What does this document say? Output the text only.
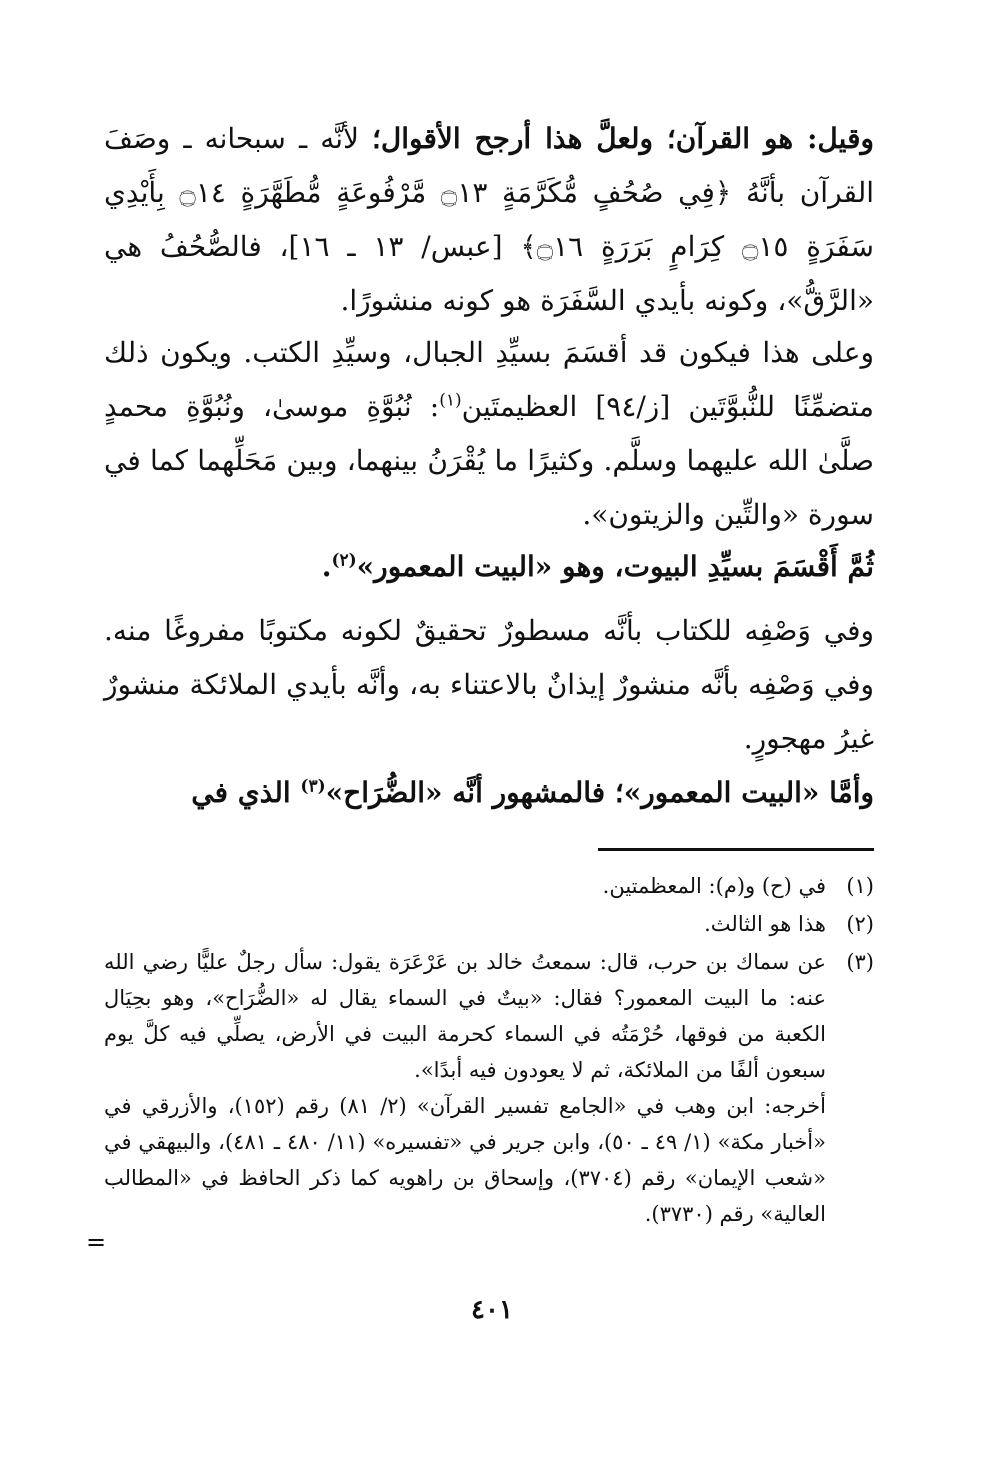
وقيل: هو القرآن؛ ولعلَّ هذا أرجح الأقوال؛ لأنَّه ـ سبحانه ـ وصَفَ القرآن بأنَّهُ ﴿فِي صُحُفٍ مُّكَرَّمَةٍ ۝١٣ مَّرْفُوعَةٍ مُّطَهَّرَةٍ ۝١٤ بِأَيْدِي سَفَرَةٍ ۝١٥ كِرَامٍ بَرَرَةٍ ۝١٦﴾ [عبس/ ١٣ ـ ١٦]، فالصُّحُفُ هي «الرَّقُّ»، وكونه بأيدي السَّفَرَة هو كونه منشورًا.

وعلى هذا فيكون قد أقسَمَ بسيِّدِ الجبال، وسيِّدِ الكتب. ويكون ذلك متضمِّنًا للنُّبوَّتَين [ز/٩٤] العظيمتَين$^{(١)}$: نُبُوَّةِ موسىٰ، ونُبُوَّةِ محمدٍ صلَّىٰ الله عليهما وسلَّم. وكثيرًا ما يُقْرَنُ بينهما، وبين مَحَلِّهما كما في سورة «والتِّين والزيتون».

ثُمَّ أَقْسَمَ بسيِّدِ البيوت، وهو «البيت المعمور»$^{(٢)}$.

وفي وَصْفِه للكتاب بأنَّه مسطورٌ تحقيقٌ لكونه مكتوبًا مفروغًا منه. وفي وَصْفِه بأنَّه منشورٌ إيذانٌ بالاعتناء به، وأنَّه بأيدي الملائكة منشورٌ غيرُ مهجورٍ.

وأمَّا «البيت المعمور»؛ فالمشهور أنَّه «الضُّرَاح»$^{(٣)}$ الذي في

(١)
في (ح) و(م): المعظمتين.
(٢)
هذا هو الثالث.
(٣)
عن سماك بن حرب، قال: سمعتُ خالد بن عَرْعَرَة يقول: سأل رجلٌ عليًّا رضي الله عنه: ما البيت المعمور؟ فقال: «بيتٌ في السماء يقال له «الضُّرَاح»، وهو بحِيَال الكعبة من فوقها، حُرْمَتُه في السماء كحرمة البيت في الأرض، يصلِّي فيه كلَّ يوم سبعون ألفًا من الملائكة، ثم لا يعودون فيه أبدًا».
أخرجه: ابن وهب في «الجامع تفسير القرآن» (٢/ ٨١) رقم (١٥٢)، والأزرقي في «أخبار مكة» (١/ ٤٩ ـ ٥٠)، وابن جرير في «تفسيره» (١١/ ٤٨٠ ـ ٤٨١)، والبيهقي في «شعب الإيمان» رقم (٣٧٠٤)، وإسحاق بن راهويه كما ذكر الحافظ في «المطالب العالية» رقم (٣٧٣٠).
=
٤٠١
